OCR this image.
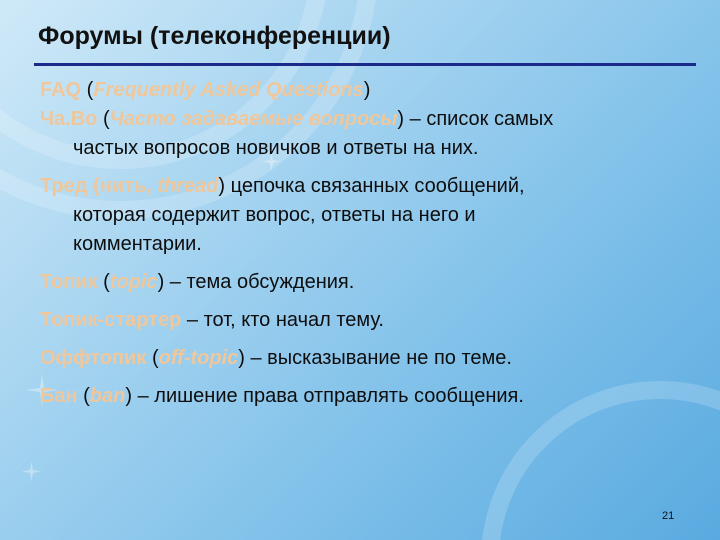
Форумы (телеконференции)
FAQ (Frequently Asked Questions)
Ча.Во (Часто задаваемые вопросы) – список самых
частых вопросов новичков и ответы на них.
Тред (нить, thread) цепочка связанных сообщений,
которая содержит вопрос, ответы на него и
комментарии.
Топик (topic) – тема обсуждения.
Топик-стартер – тот, кто начал тему.
Оффтопик (off-topic) – высказывание не по теме.
Бан (ban) – лишение права отправлять сообщения.
21
